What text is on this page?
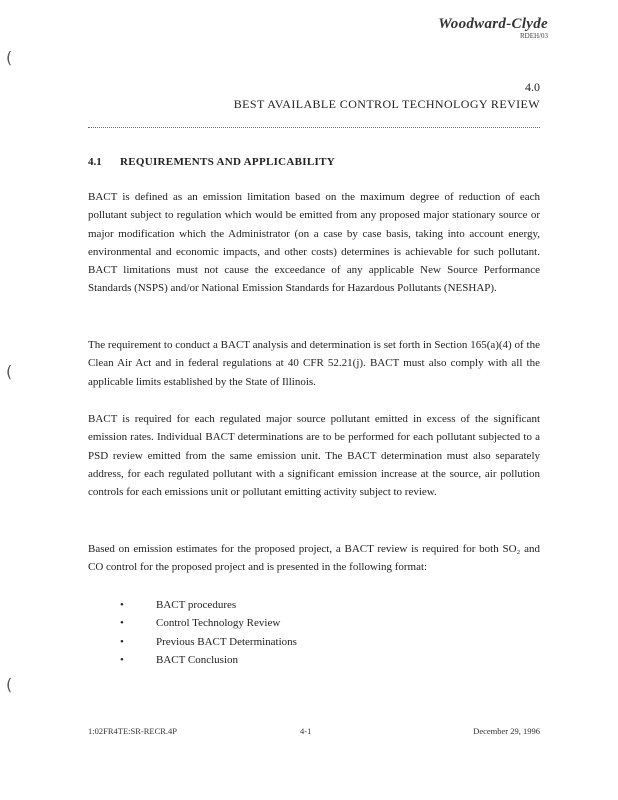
Woodward-Clyde
RDEH/03
(
(
(
4.0
BEST AVAILABLE CONTROL TECHNOLOGY REVIEW
4.1 REQUIREMENTS AND APPLICABILITY
BACT is defined as an emission limitation based on the maximum degree of reduction of each pollutant subject to regulation which would be emitted from any proposed major stationary source or major modification which the Administrator (on a case by case basis, taking into account energy, environmental and economic impacts, and other costs) determines is achievable for such pollutant. BACT limitations must not cause the exceedance of any applicable New Source Performance Standards (NSPS) and/or National Emission Standards for Hazardous Pollutants (NESHAP).
The requirement to conduct a BACT analysis and determination is set forth in Section 165(a)(4) of the Clean Air Act and in federal regulations at 40 CFR 52.21(j). BACT must also comply with all the applicable limits established by the State of Illinois.
BACT is required for each regulated major source pollutant emitted in excess of the significant emission rates. Individual BACT determinations are to be performed for each pollutant subjected to a PSD review emitted from the same emission unit. The BACT determination must also separately address, for each regulated pollutant with a significant emission increase at the source, air pollution controls for each emissions unit or pollutant emitting activity subject to review.
Based on emission estimates for the proposed project, a BACT review is required for both SO₂ and CO control for the proposed project and is presented in the following format:
• BACT procedures
• Control Technology Review
• Previous BACT Determinations
• BACT Conclusion
1:02FR4TE:SR-RECR.4P	4-1	December 29, 1996
